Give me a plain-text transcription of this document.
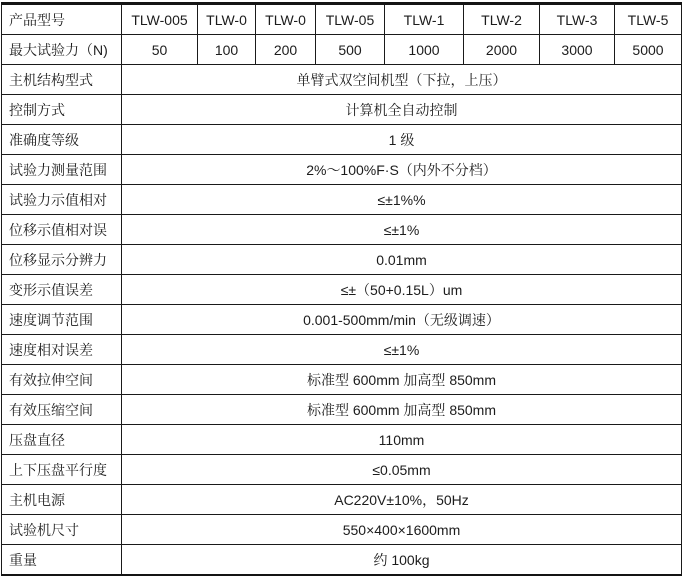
产品型号	TLW-005	TLW-0	TLW-0	TLW-05	TLW-1	TLW-2	TLW-3	TLW-5
最大试验力（N)	50	100	200	500	1000	2000	3000	5000
主机结构型式	单臂式双空间机型（下拉，上压）							
控制方式	计算机全自动控制							
准确度等级	1 级							
试验力测量范围	2%～100%F·S（内外不分档）							
试验力示值相对	≤±1%%							
位移示值相对误	≤±1%							
位移显示分辨力	0.01mm							
变形示值误差	≤±（50+0.15L）um							
速度调节范围	0.001-500mm/min（无级调速）							
速度相对误差	≤±1%							
有效拉伸空间	标准型 600mm 加高型 850mm							
有效压缩空间	标准型 600mm 加高型 850mm							
压盘直径	110mm							
上下压盘平行度	≤0.05mm							
主机电源	AC220V±10%，50Hz							
试验机尺寸	550×400×1600mm							
重量	约 100kg							
